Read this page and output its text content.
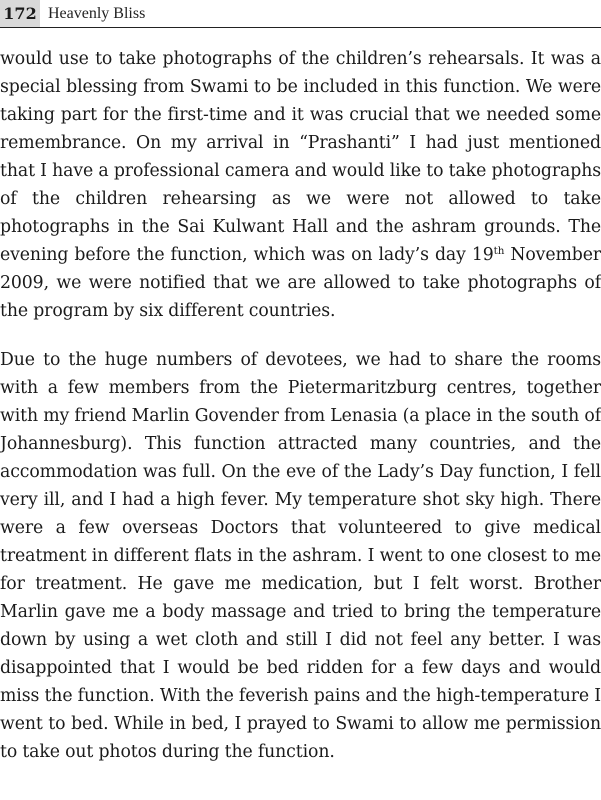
172 Heavenly Bliss

would use to take photographs of the children’s rehearsals. It was a special blessing from Swami to be included in this function. We were taking part for the first-time and it was crucial that we needed some remembrance. On my arrival in “Prashanti” I had just mentioned that I have a professional camera and would like to take photographs of the children rehearsing as we were not allowed to take photographs in the Sai Kulwant Hall and the ashram grounds. The evening before the function, which was on lady’s day 19th November 2009, we were notified that we are allowed to take photographs of the program by six different countries.

Due to the huge numbers of devotees, we had to share the rooms with a few members from the Pietermaritzburg centres, together with my friend Marlin Govender from Lenasia (a place in the south of Johannesburg). This function attracted many countries, and the accommodation was full. On the eve of the Lady’s Day function, I fell very ill, and I had a high fever. My temperature shot sky high. There were a few overseas Doctors that volunteered to give medical treatment in different flats in the ashram. I went to one closest to me for treatment. He gave me medication, but I felt worst. Brother Marlin gave me a body massage and tried to bring the temperature down by using a wet cloth and still I did not feel any better. I was disappointed that I would be bed ridden for a few days and would miss the function. With the feverish pains and the high-temperature I went to bed. While in bed, I prayed to Swami to allow me permission to take out photos during the function.
